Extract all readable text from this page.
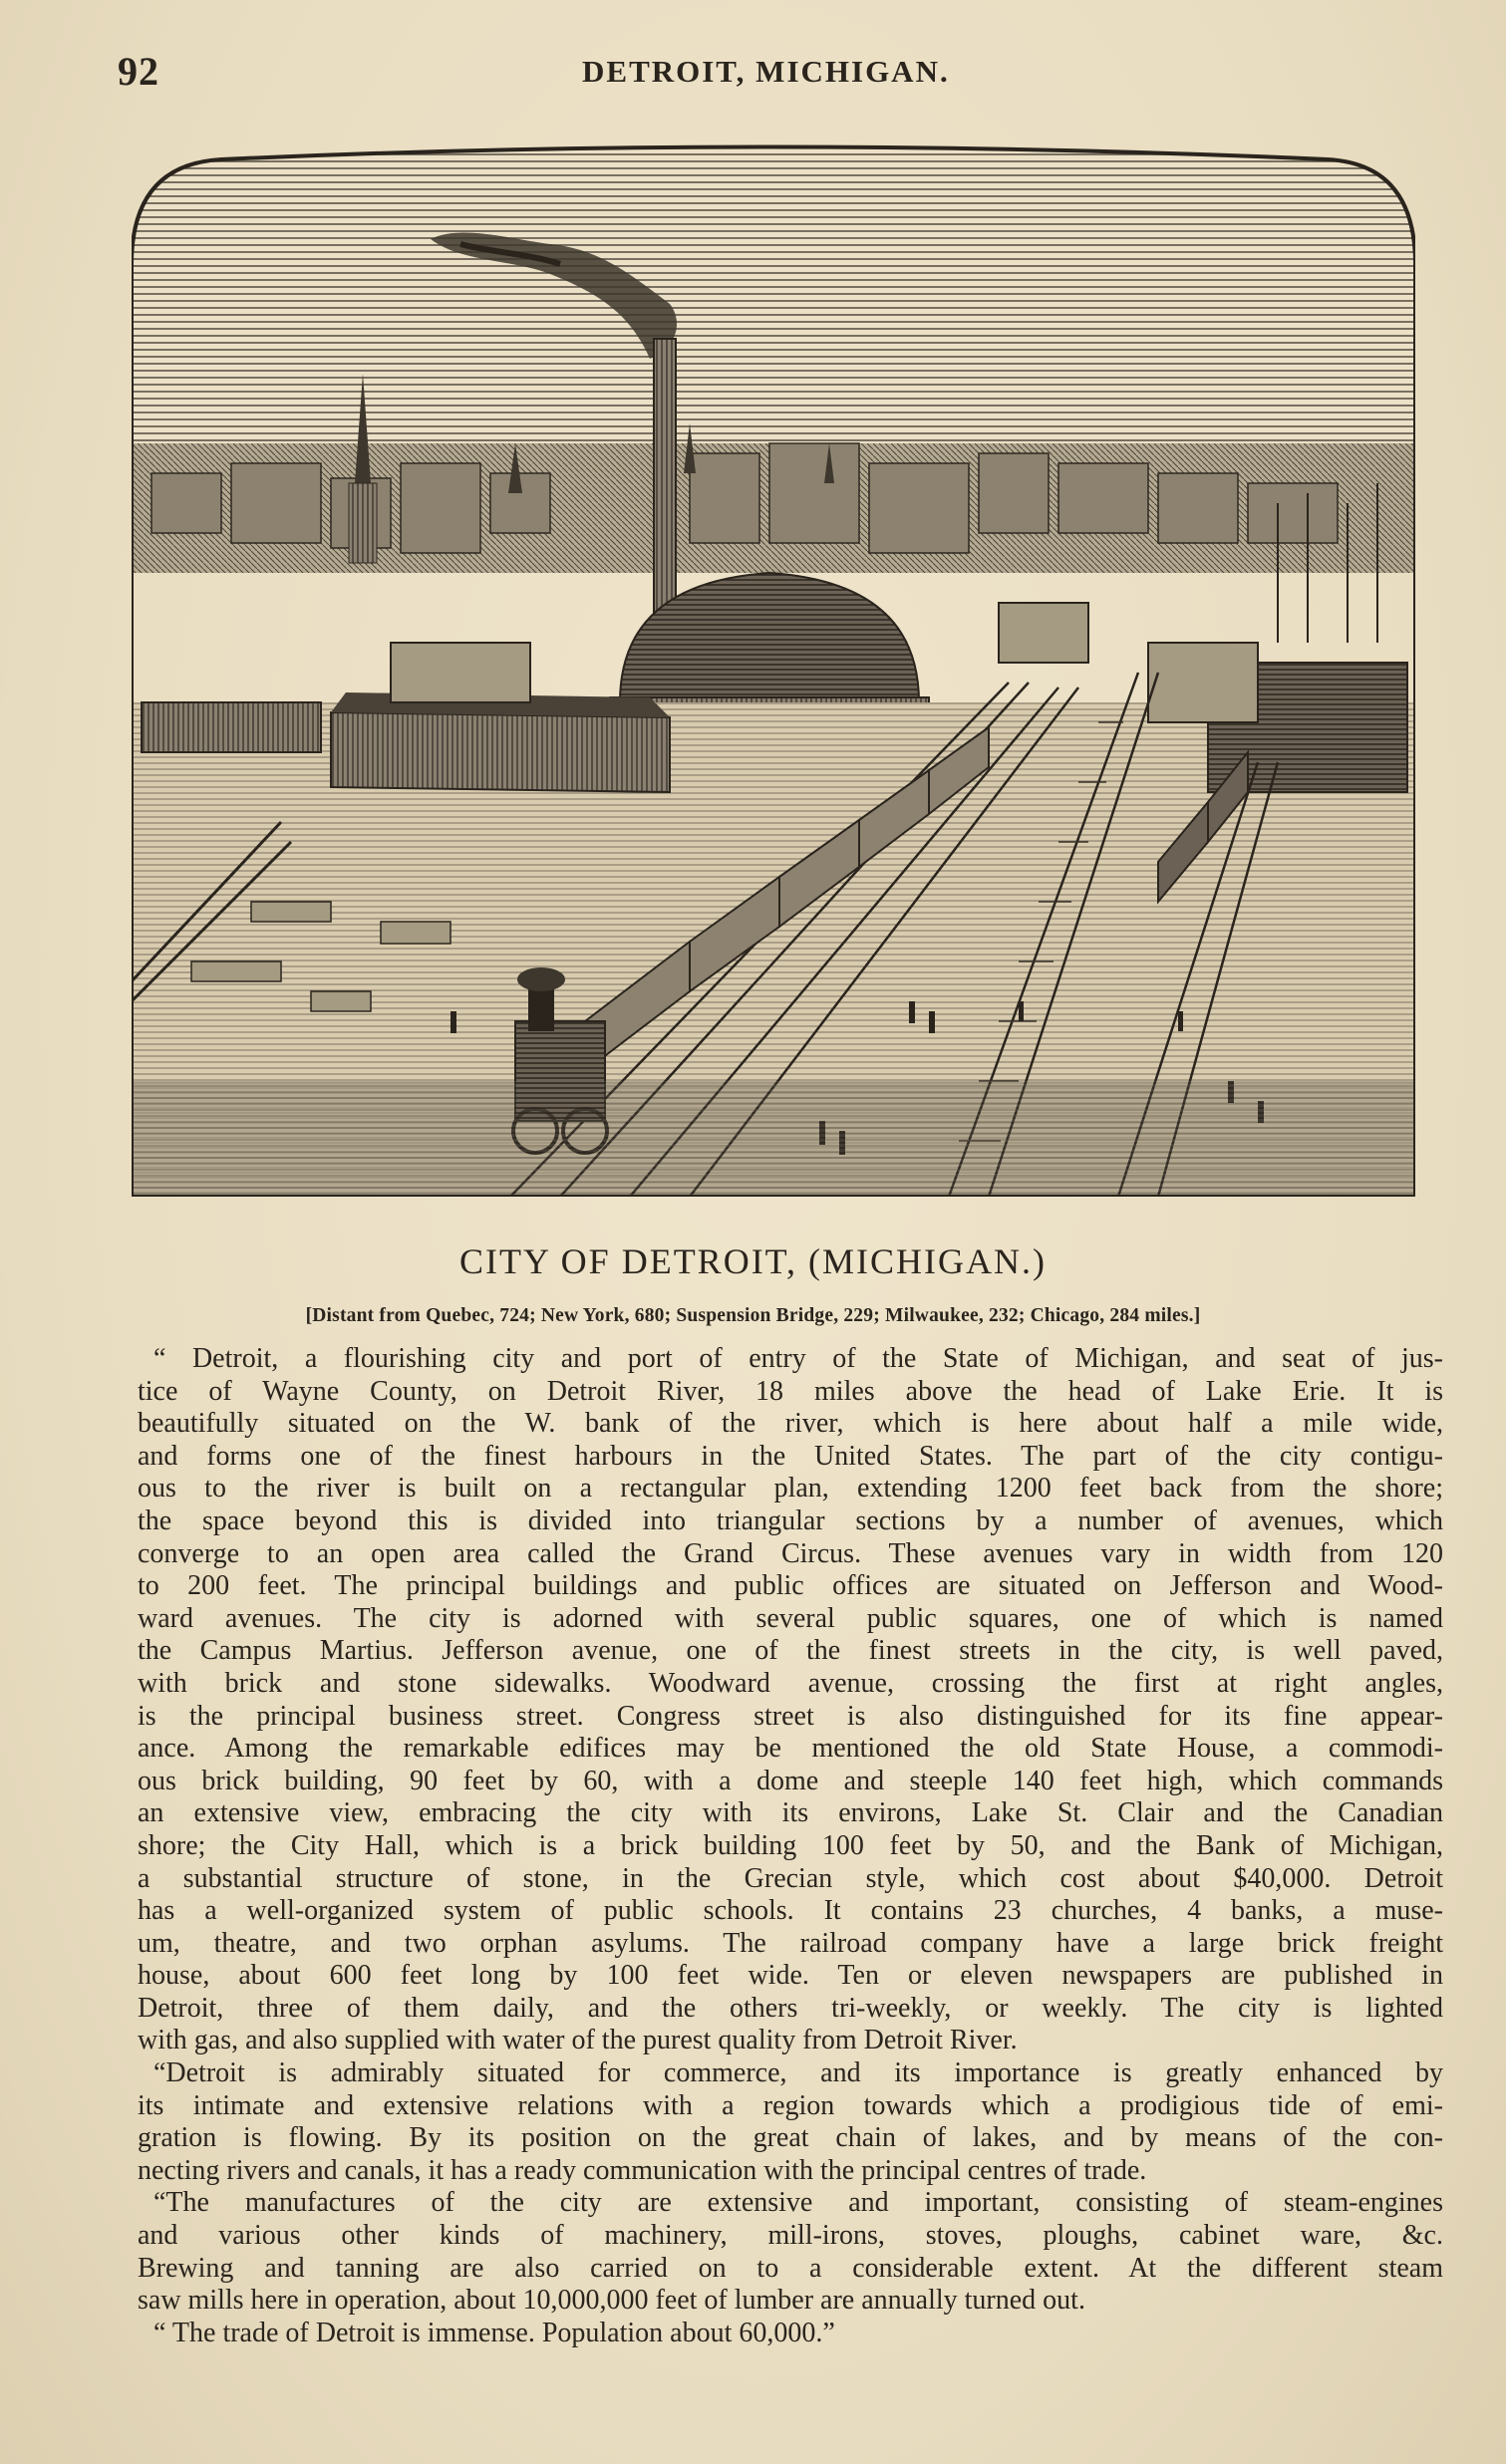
92	DETROIT, MICHIGAN.
CITY OF DETROIT, (MICHIGAN.)
[Distant from Quebec, 724; New York, 680; Suspension Bridge, 229; Milwaukee, 232; Chicago, 284 miles.]
“ Detroit, a flourishing city and port of entry of the State of Michigan, and seat of jus-
tice of Wayne County, on Detroit River, 18 miles above the head of Lake Erie. It is
beautifully situated on the W. bank of the river, which is here about half a mile wide,
and forms one of the finest harbours in the United States. The part of the city contigu-
ous to the river is built on a rectangular plan, extending 1200 feet back from the shore;
the space beyond this is divided into triangular sections by a number of avenues, which
converge to an open area called the Grand Circus. These avenues vary in width from 120
to 200 feet. The principal buildings and public offices are situated on Jefferson and Wood-
ward avenues. The city is adorned with several public squares, one of which is named
the Campus Martius. Jefferson avenue, one of the finest streets in the city, is well paved,
with brick and stone sidewalks. Woodward avenue, crossing the first at right angles,
is the principal business street. Congress street is also distinguished for its fine appear-
ance. Among the remarkable edifices may be mentioned the old State House, a commodi-
ous brick building, 90 feet by 60, with a dome and steeple 140 feet high, which commands
an extensive view, embracing the city with its environs, Lake St. Clair and the Canadian
shore; the City Hall, which is a brick building 100 feet by 50, and the Bank of Michigan,
a substantial structure of stone, in the Grecian style, which cost about $40,000. Detroit
has a well-organized system of public schools. It contains 23 churches, 4 banks, a muse-
um, theatre, and two orphan asylums. The railroad company have a large brick freight
house, about 600 feet long by 100 feet wide. Ten or eleven newspapers are published in
Detroit, three of them daily, and the others tri-weekly, or weekly. The city is lighted
with gas, and also supplied with water of the purest quality from Detroit River.
“Detroit is admirably situated for commerce, and its importance is greatly enhanced by
its intimate and extensive relations with a region towards which a prodigious tide of emi-
gration is flowing. By its position on the great chain of lakes, and by means of the con-
necting rivers and canals, it has a ready communication with the principal centres of trade.
“The manufactures of the city are extensive and important, consisting of steam-engines
and various other kinds of machinery, mill-irons, stoves, ploughs, cabinet ware, &c.
Brewing and tanning are also carried on to a considerable extent. At the different steam
saw mills here in operation, about 10,000,000 feet of lumber are annually turned out.
“ The trade of Detroit is immense. Population about 60,000.”
